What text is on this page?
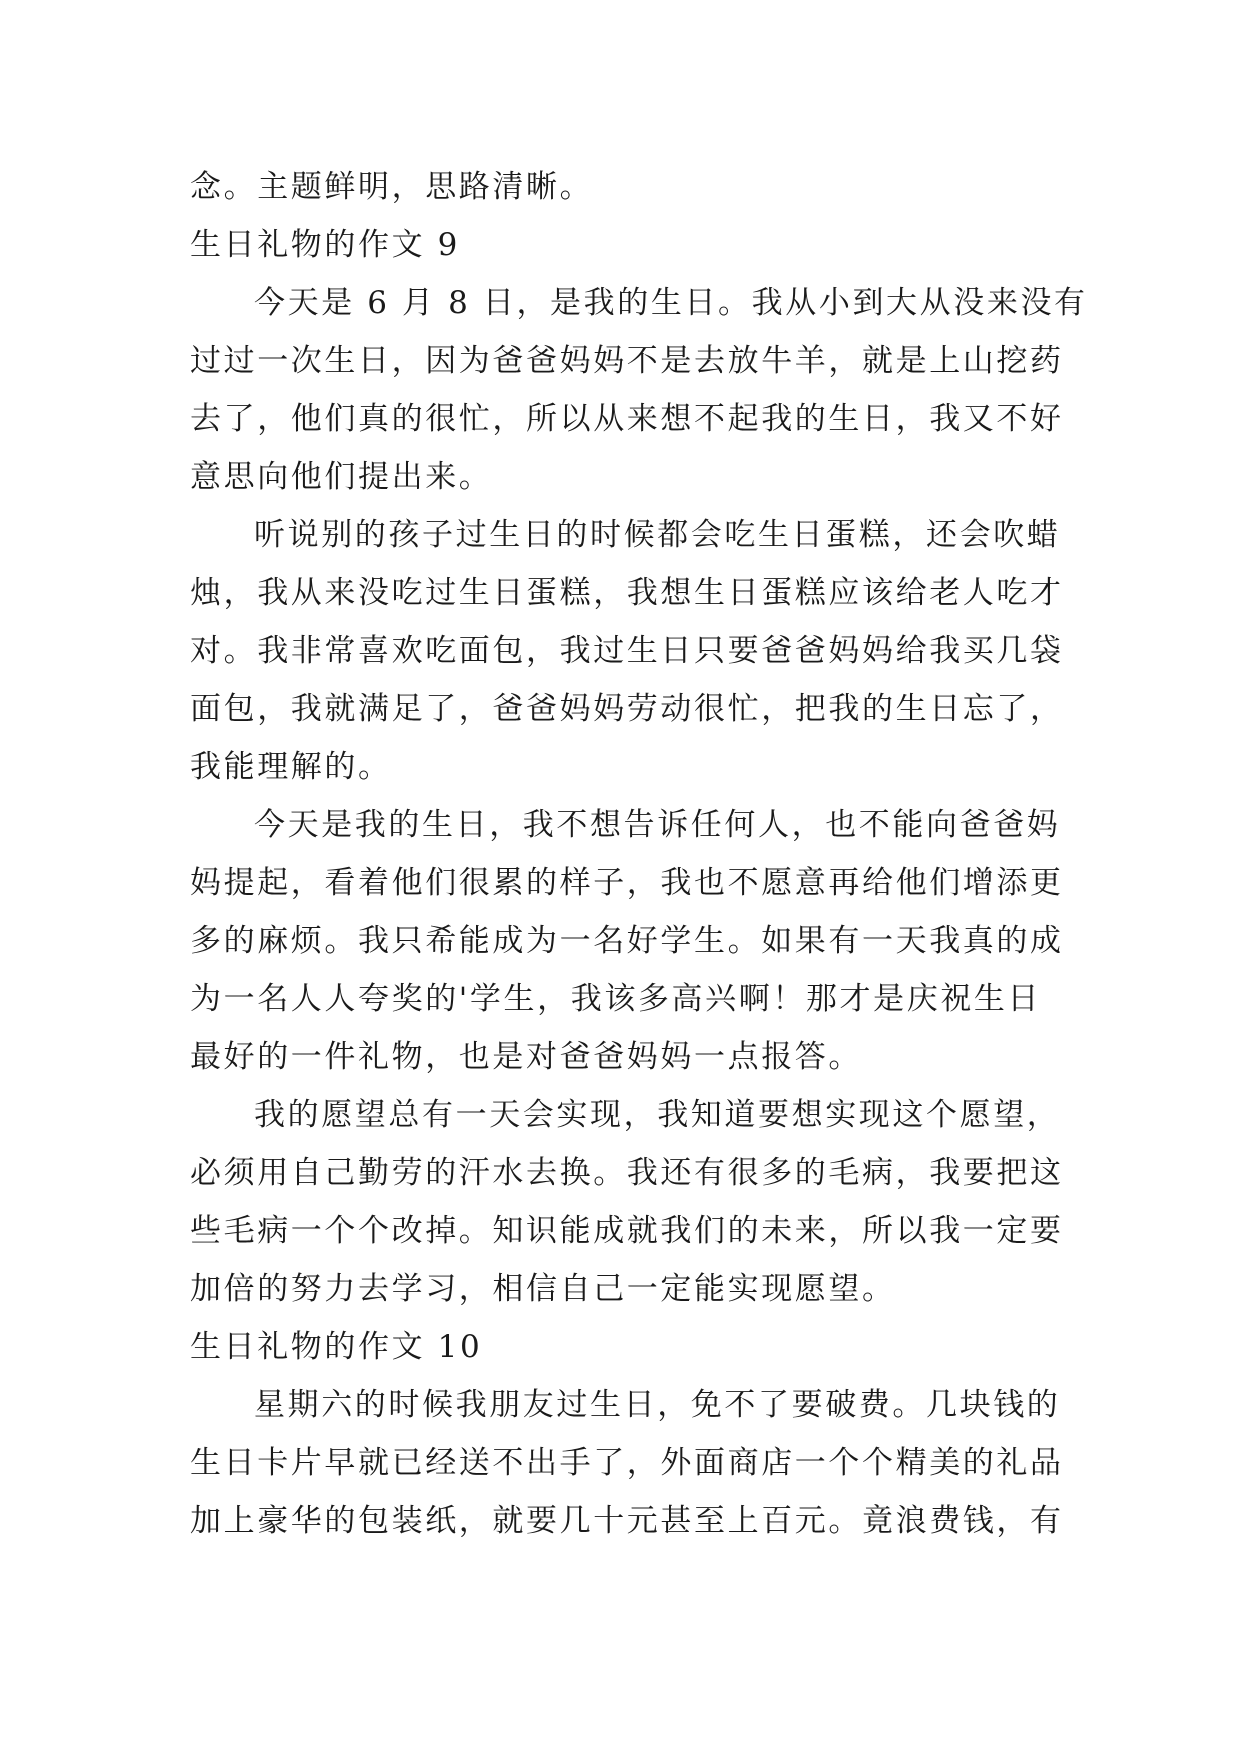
念。主题鲜明，思路清晰。
生日礼物的作文 9
今天是 6 月 8 日，是我的生日。我从小到大从没来没有
过过一次生日，因为爸爸妈妈不是去放牛羊，就是上山挖药
去了，他们真的很忙，所以从来想不起我的生日，我又不好
意思向他们提出来。
听说别的孩子过生日的时候都会吃生日蛋糕，还会吹蜡
烛，我从来没吃过生日蛋糕，我想生日蛋糕应该给老人吃才
对。我非常喜欢吃面包，我过生日只要爸爸妈妈给我买几袋
面包，我就满足了，爸爸妈妈劳动很忙，把我的生日忘了，
我能理解的。
今天是我的生日，我不想告诉任何人，也不能向爸爸妈
妈提起，看着他们很累的样子，我也不愿意再给他们增添更
多的麻烦。我只希能成为一名好学生。如果有一天我真的成
为一名人人夸奖的'学生，我该多高兴啊！那才是庆祝生日
最好的一件礼物，也是对爸爸妈妈一点报答。
我的愿望总有一天会实现，我知道要想实现这个愿望，
必须用自己勤劳的汗水去换。我还有很多的毛病，我要把这
些毛病一个个改掉。知识能成就我们的未来，所以我一定要
加倍的努力去学习，相信自己一定能实现愿望。
生日礼物的作文 10
星期六的时候我朋友过生日，免不了要破费。几块钱的
生日卡片早就已经送不出手了，外面商店一个个精美的礼品
加上豪华的包装纸，就要几十元甚至上百元。竟浪费钱，有
